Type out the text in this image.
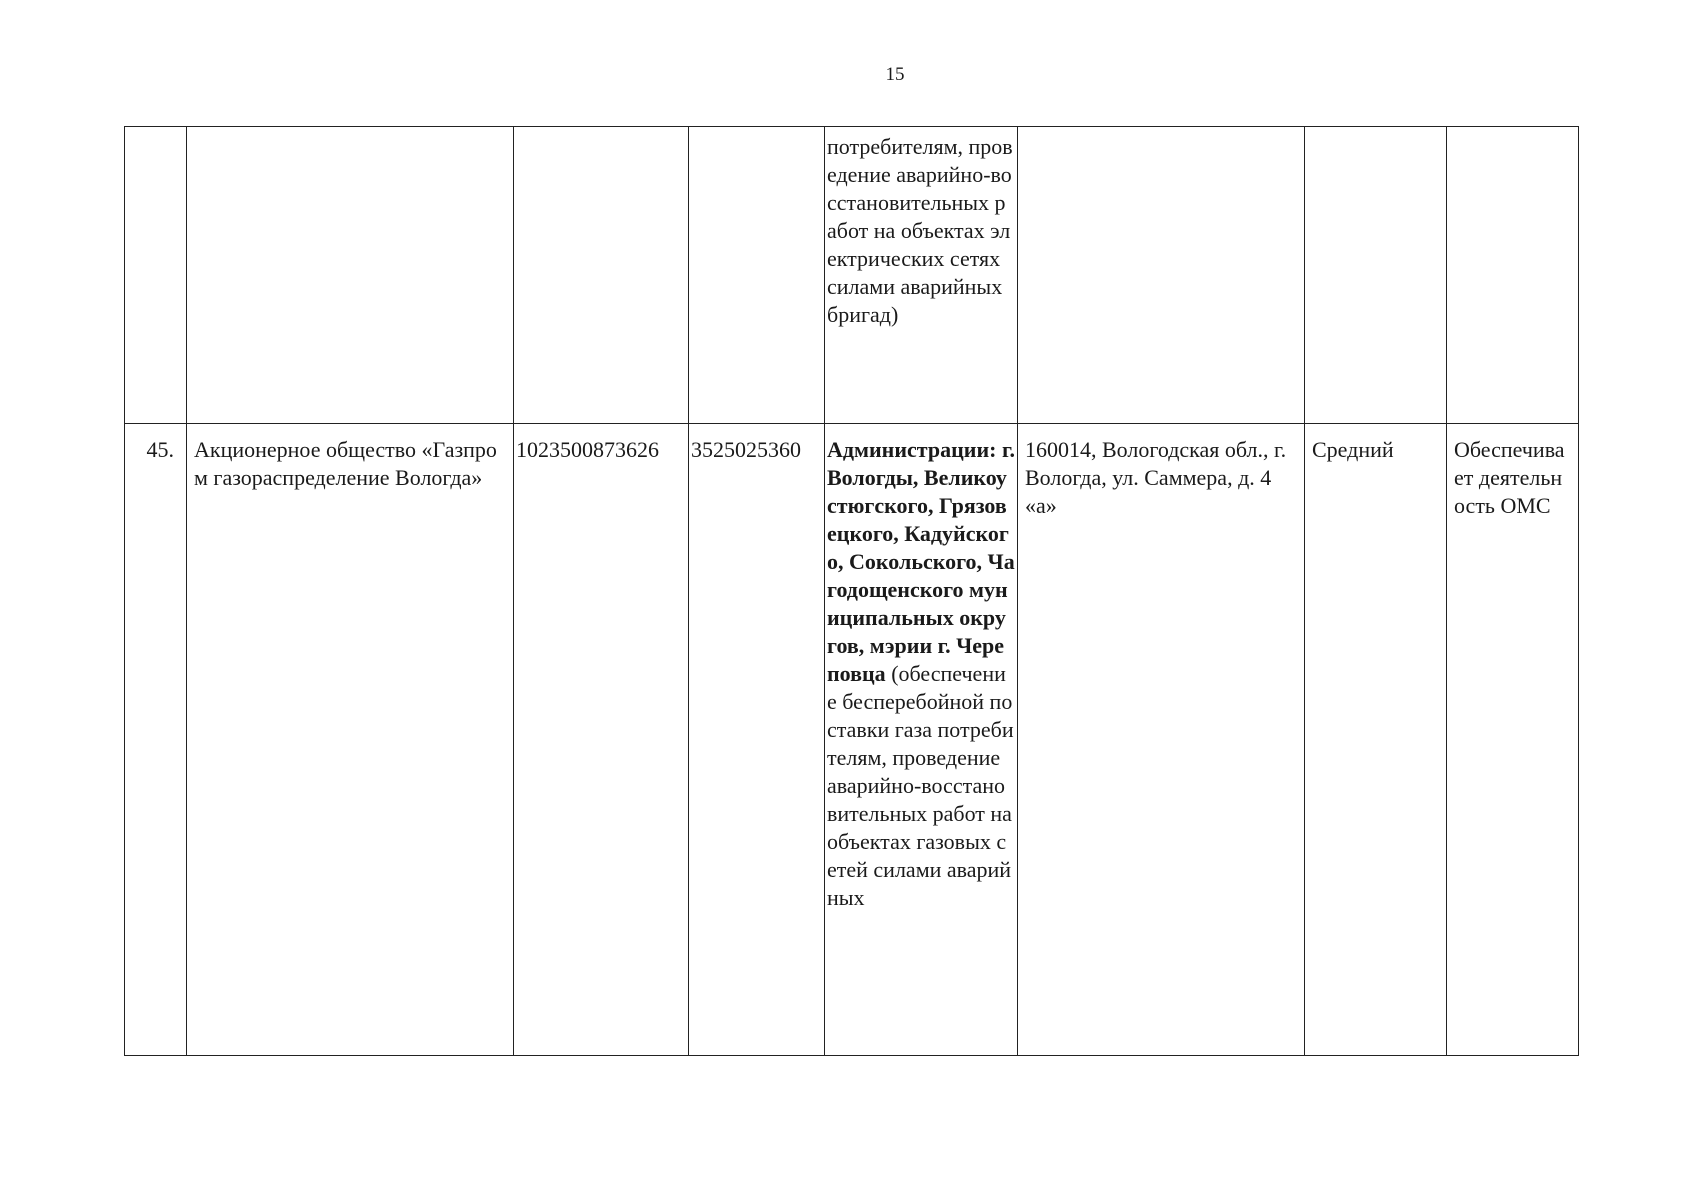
15
				потребителям, проведение аварийно-восстановительных работ на объектах электрических сетях силами аварийных бригад)			
45.	Акционерное общество «Газпром газораспределение Вологда»	1023500873626	3525025360	Администрации: г. Вологды, Великоустюгского, Грязовецкого, Кадуйского, Сокольского, Чагодощенского муниципальных округов, мэрии г. Череповца (обеспечение бесперебойной поставки газа потребителям, проведение аварийно-восстановительных работ на объектах газовых сетей силами аварийных	160014, Вологодская обл., г. Вологда, ул. Саммера, д. 4 «а»	Средний	Обеспечивает деятельность ОМС
